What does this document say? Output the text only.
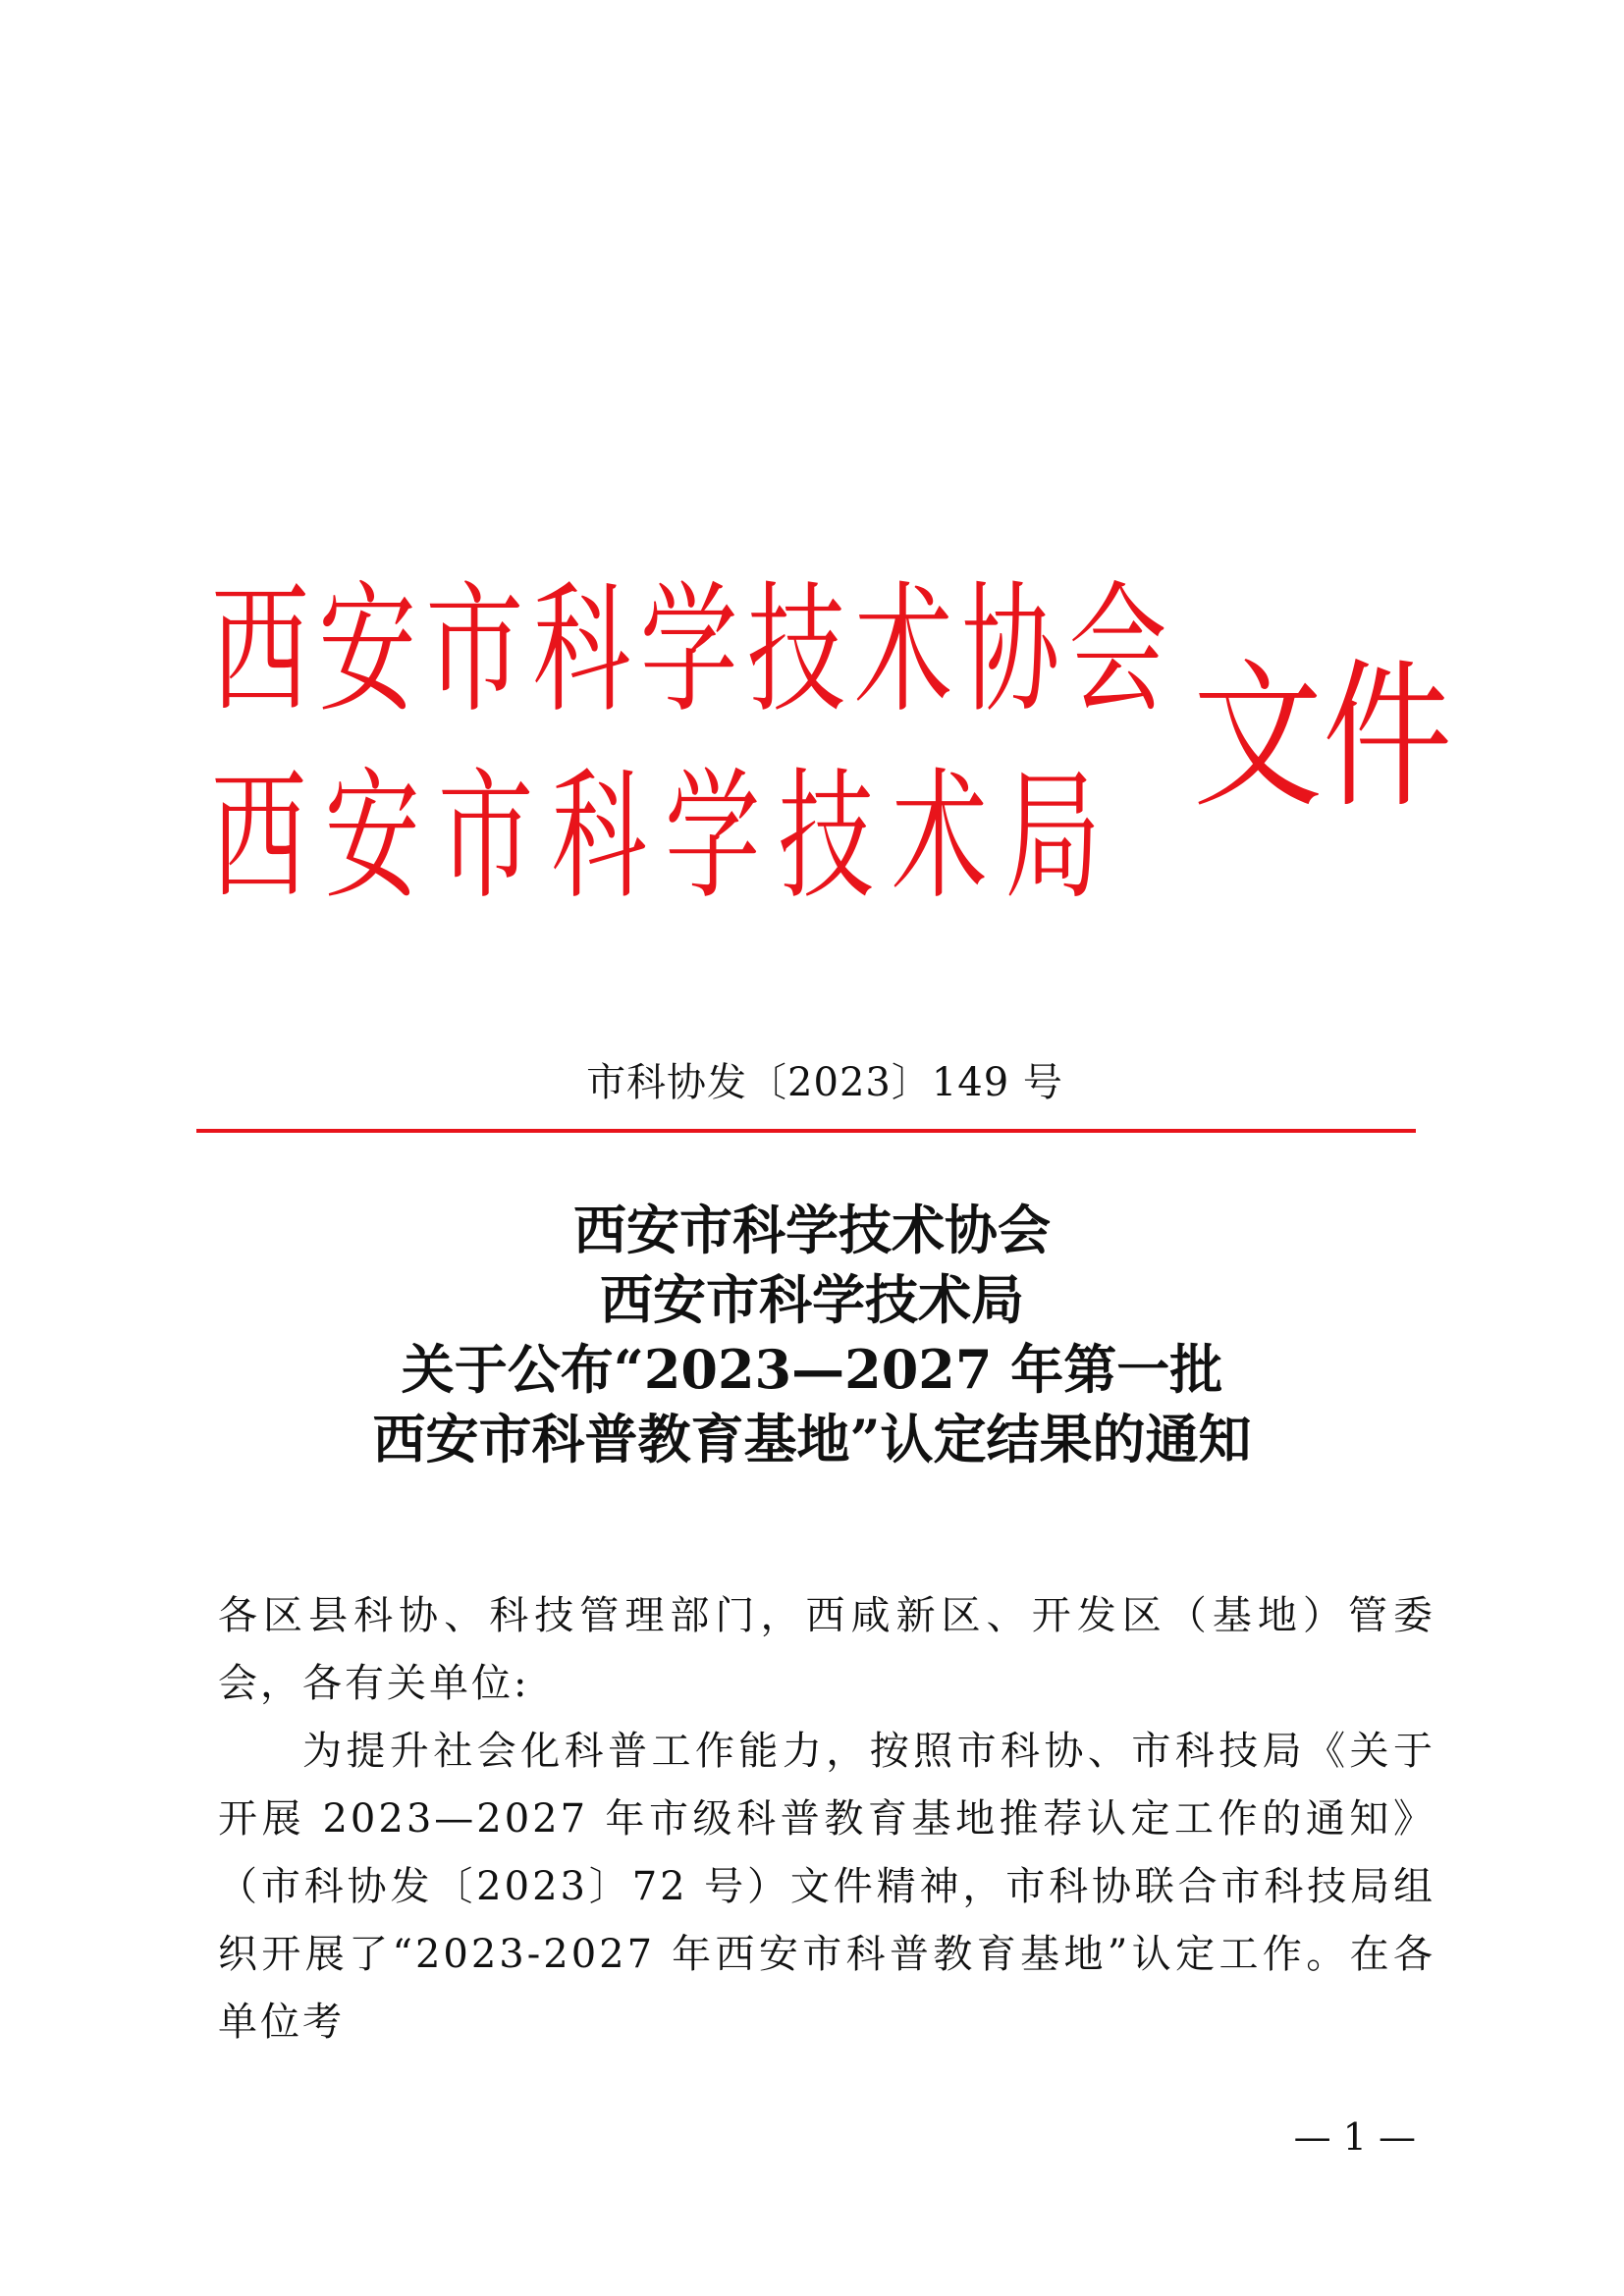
西安市科学技术协会
西安市科学技术局
文件
市科协发〔2023〕149 号
西安市科学技术协会
西安市科学技术局
关于公布“2023—2027 年第一批
西安市科普教育基地”认定结果的通知

各区县科协、科技管理部门，西咸新区、开发区（基地）管委会，各有关单位:

为提升社会化科普工作能力，按照市科协、市科技局《关于开展 2023—2027 年市级科普教育基地推荐认定工作的通知》（市科协发〔2023〕72 号）文件精神，市科协联合市科技局组织开展了“2023-2027 年西安市科普教育基地”认定工作。在各单位考

— 1 —
